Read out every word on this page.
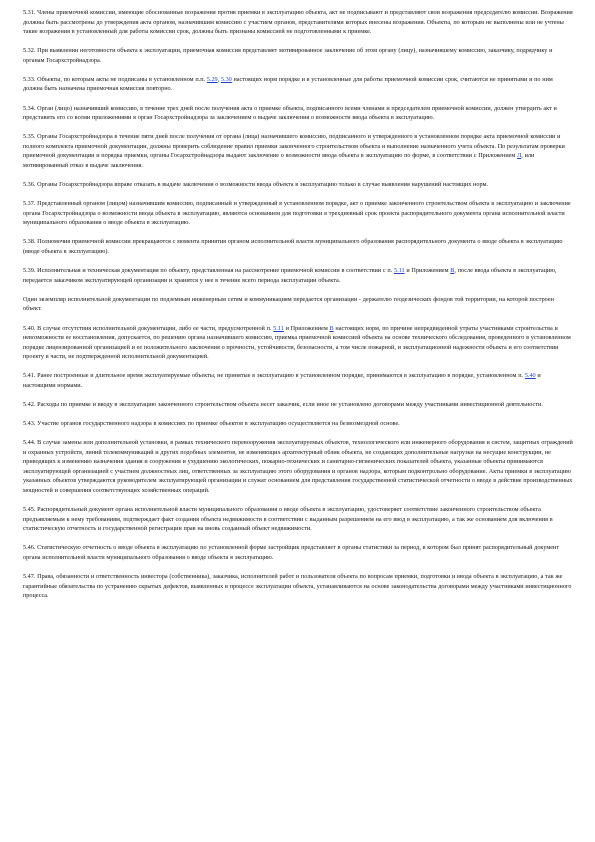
5.31. Члены приемочной комиссии, имеющие обоснованные возражения против приемки в эксплуатацию объекта, акт не подписывают и представляют свои возражения председателю комиссии. Возражения должны быть рассмотрены до утверждения акта органом, назначившим комиссию с участием органов, представителями которых внесены возражения. Объекты, по которым не выполнены или не учтены такие возражения в установленный для работы комиссии срок, должны быть признаны комиссией не подготовленными к приемке.

5.32. При выявлении неготовности объекта к эксплуатации, приемочная комиссия представляет мотивированное заключение об этом органу (лицу), назначившему комиссию, заказчику, подрядчику и органам Госархстройнадзора.

5.33. Объекты, по которым акты не подписаны в установленном п.п. 5.29, 5.30 настоящих норм порядке и в установленные для работы приемочной комиссии срок, считаются не принятыми и по ним должна быть назначена приемочная комиссия повторно.

5.34. Орган (лицо) назначивший комиссию, в течение трех дней после получения акта о приемке объекта, подписанного всеми членами и председателем приемочной комиссии, должен утвердить акт и представить его со всеми приложениями в орган Госархстройнадзора за заключением о выдаче заключения о возможности ввода объекта в эксплуатацию.

5.35. Органы Госархстройнадзора в течение пяти дней после получения от органа (лица) назначившего комиссию, подписанного и утвержденного в установленном порядке акта приемочной комиссии и полного комплекта приемочной документации, должны проверить соблюдение правил приемки законченного строительством объекта и выполнение назначенного учета объекта. По результатам проверки приемочной документации и порядка приемки, органы Госархстройнадзора выдают заключение о возможности ввода объекта в эксплуатацию по форме, в соответствии с Приложением Л, или мотивированный отказ в выдаче заключения.

5.36. Органы Госархстройнадзора вправе отказать в выдаче заключения о возможности ввода объекта в эксплуатацию только в случае выявления нарушений настоящих норм.

5.37. Представленный органом (лицом) назначившим комиссию, подписанный и утвержденный в установленном порядке, акт о приемке законченного строительством объекта в эксплуатацию и заключение органа Госархстройнадзора о возможности ввода объекта в эксплуатацию, являются основанием для подготовки в трехдневный срок проекта распорядительного документа органа исполнительной власти муниципального образования о вводе объекта в эксплуатацию.

5.38. Полномочия приемочной комиссии прекращаются с момента принятия органом исполнительной власти муниципального образования распорядительного документа о вводе объекта в эксплуатацию (вводе объекта в эксплуатацию).

5.39. Исполнительная и техническая документация по объекту, представленная на рассмотрение приемочной комиссии в соответствии с п. 5.11 и Приложением В, после ввода объекта в эксплуатацию, передается заказчиком эксплуатирующей организации и хранится у нее в течение всего периода эксплуатации объекта.

Один экземпляр исполнительной документации по подземным инженерным сетям и коммуникациям передается организации - держателю геодезических фондов той территории, на которой построен объект.

5.40. В случае отсутствия исполнительной документации, либо ее части, предусмотренной п. 5.11 и Приложением В настоящих норм, по причине непредвиденной утраты участниками строительства и невозможности ее восстановления, допускается, по решению органа назначившего комиссию, приемка приемочной комиссией объекта на основе технического обследования, проведенного в установленном порядке лицензированной организацией и ее положительного заключения о прочности, устойчивости, безопасности, а том числе пожарной, и эксплуатационной надежности объекта и его соответствии проекту в части, не подтвержденной исполнительной документацией.

5.41. Ранее построенные и длительное время эксплуатируемые объекты, не принятые в эксплуатацию в установленном порядке, принимаются в эксплуатацию в порядке, установленном п. 5.40 и настоящими нормами.

5.42. Расходы по приемке и вводу в эксплуатацию законченного строительством объекта несет заказчик, если иное не установлено договорами между участниками инвестиционной деятельности.

5.43. Участие органов государственного надзора в комиссиях по приемке объектов в эксплуатацию осуществляется на безвозмездной основе.

5.44. В случае замены или дополнительной установки, в рамках технического перевооружения эксплуатируемых объектов, технологического или инженерного оборудования и систем, защитных ограждений и охранных устройств, линий телекоммуникаций и других подобных элементов, не изменяющих архитектурный облик объекта, не создающих дополнительные нагрузки на несущие конструкции, не приводящих к изменению назначения здания и сооружения и ухудшению экологических, пожарно-технических и санитарно-гигиенических показателей объекта, указанные объекты принимаются эксплуатирующей организацией с участием должностных лиц, ответственных за эксплуатацию этого оборудования и органов надзора, которым подконтрольно оборудование. Акты приемки в эксплуатацию указанных объектов утверждаются руководителем эксплуатирующей организации и служат основанием для представления государственной статистической отчетности о вводе в действие производственных мощностей и совершения соответствующих хозяйственных операций.

5.45. Распорядительный документ органа исполнительной власти муниципального образования о вводе объекта в эксплуатацию, удостоверяет соответствие законченного строительством объекта предъявляемым к нему требованиям, подтверждает факт создания объекта недвижимости в соответствии с выданным разрешением на его ввод в эксплуатацию, а так же основанием для включения в статистическую отчетность и государственной регистрации прав на вновь созданный объект недвижимости.

5.46. Статистическую отчетность о вводе объекта в эксплуатацию по установленной форме застройщик представляет в органы статистики за период, в котором был принят распорядительный документ органа исполнительной власти муниципального образования о вводе объекта в эксплуатацию.

5.47. Права, обязанности и ответственность инвестора (собственника), заказчика, исполнителей работ и пользователя объекта по вопросам приемки, подготовки и ввода объекта в эксплуатацию, а так же гарантийные обязательства по устранению скрытых дефектов, выявленных в процессе эксплуатации объекта, устанавливаются на основе законодательства договорами между участниками инвестиционного процесса.
